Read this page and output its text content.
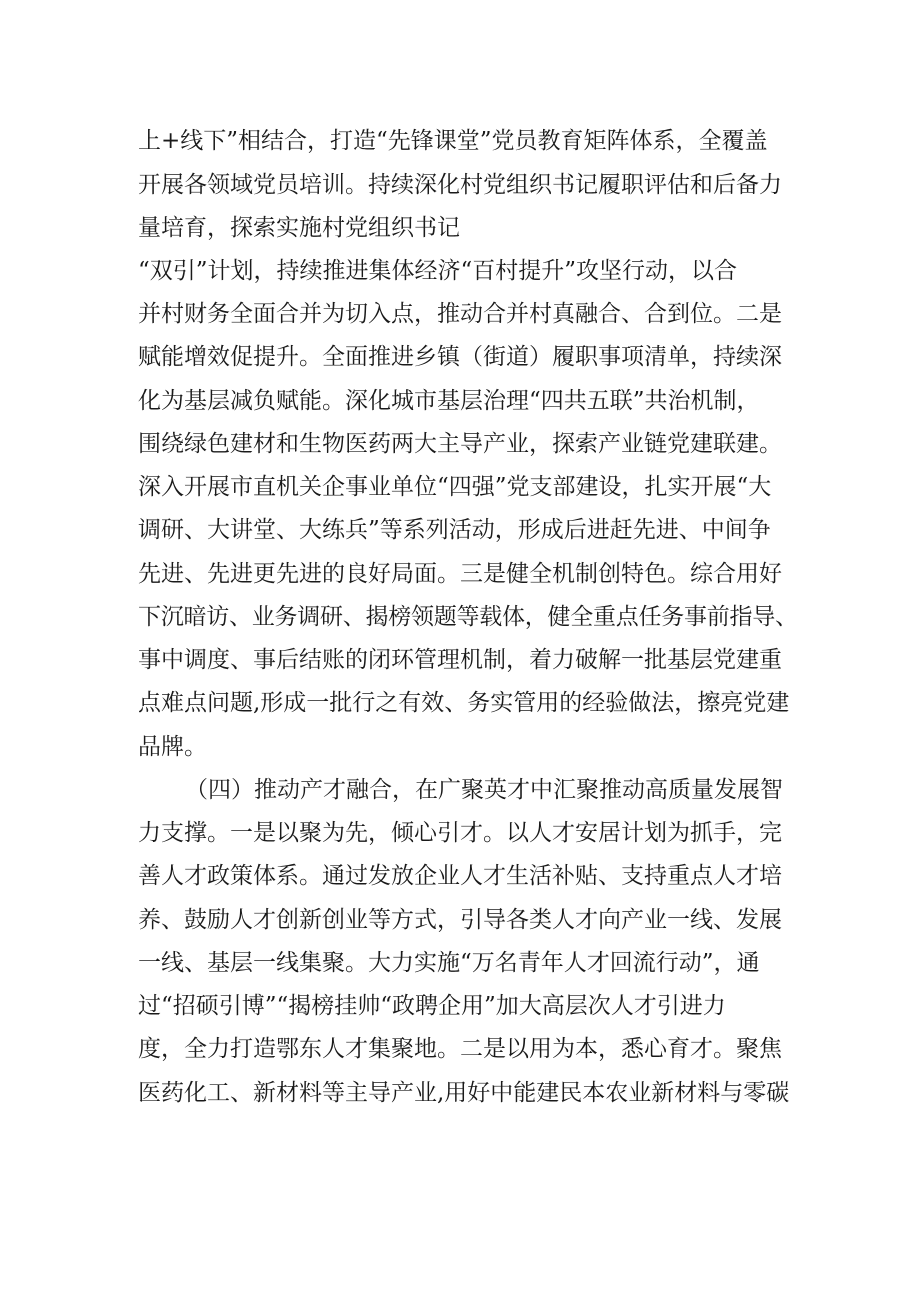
上+线下”相结合，打造“先锋课堂”党员教育矩阵体系，全覆盖
开展各领域党员培训。持续深化村党组织书记履职评估和后备力
量培育，探索实施村党组织书记
“双引”计划，持续推进集体经济“百村提升”攻坚行动，以合
并村财务全面合并为切入点，推动合并村真融合、合到位。二是
赋能增效促提升。全面推进乡镇（街道）履职事项清单，持续深
化为基层减负赋能。深化城市基层治理“四共五联”共治机制，
围绕绿色建材和生物医药两大主导产业，探索产业链党建联建。
深入开展市直机关企事业单位“四强”党支部建设，扎实开展“大
调研、大讲堂、大练兵”等系列活动，形成后进赶先进、中间争
先进、先进更先进的良好局面。三是健全机制创特色。综合用好
下沉暗访、业务调研、揭榜领题等载体，健全重点任务事前指导、
事中调度、事后结账的闭环管理机制，着力破解一批基层党建重
点难点问题,形成一批行之有效、务实管用的经验做法，擦亮党建
品牌。
（四）推动产才融合，在广聚英才中汇聚推动高质量发展智
力支撑。一是以聚为先，倾心引才。以人才安居计划为抓手，完
善人才政策体系。通过发放企业人才生活补贴、支持重点人才培
养、鼓励人才创新创业等方式，引导各类人才向产业一线、发展
一线、基层一线集聚。大力实施“万名青年人才回流行动”，通
过“招硕引博”“揭榜挂帅“政聘企用”加大高层次人才引进力
度，全力打造鄂东人才集聚地。二是以用为本，悉心育才。聚焦
医药化工、新材料等主导产业,用好中能建民本农业新材料与零碳
